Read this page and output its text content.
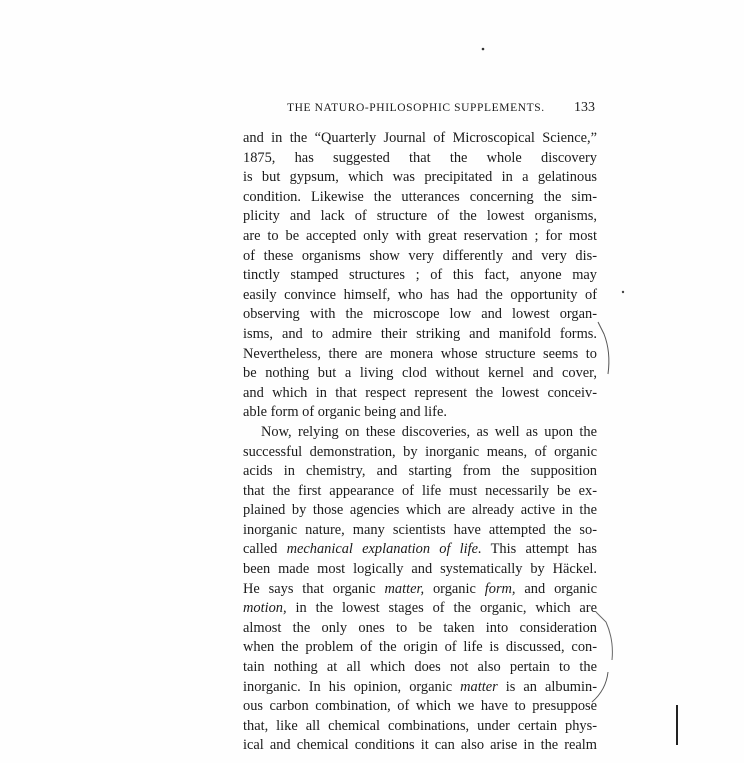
THE NATURO-PHILOSOPHIC SUPPLEMENTS. 133
and in the “Quarterly Journal of Microscopical Science,”
1875, has suggested that the whole discovery
is but gypsum, which was precipitated in a gelatinous
condition. Likewise the utterances concerning the sim-
plicity and lack of structure of the lowest organisms,
are to be accepted only with great reservation ; for most
of these organisms show very differently and very dis-
tinctly stamped structures ; of this fact, anyone may
easily convince himself, who has had the opportunity of
observing with the microscope low and lowest organ-
isms, and to admire their striking and manifold forms.
Nevertheless, there are monera whose structure seems to
be nothing but a living clod without kernel and cover,
and which in that respect represent the lowest conceiv-
able form of organic being and life.
Now, relying on these discoveries, as well as upon the
successful demonstration, by inorganic means, of organic
acids in chemistry, and starting from the supposition
that the first appearance of life must necessarily be ex-
plained by those agencies which are already active in the
inorganic nature, many scientists have attempted the so-
called mechanical explanation of life. This attempt has
been made most logically and systematically by Häckel.
He says that organic matter, organic form, and organic
motion, in the lowest stages of the organic, which are
almost the only ones to be taken into consideration
when the problem of the origin of life is discussed, con-
tain nothing at all which does not also pertain to the
inorganic. In his opinion, organic matter is an albumin-
ous carbon combination, of which we have to presuppose
that, like all chemical combinations, under certain phys-
ical and chemical conditions it can also arise in the realm
